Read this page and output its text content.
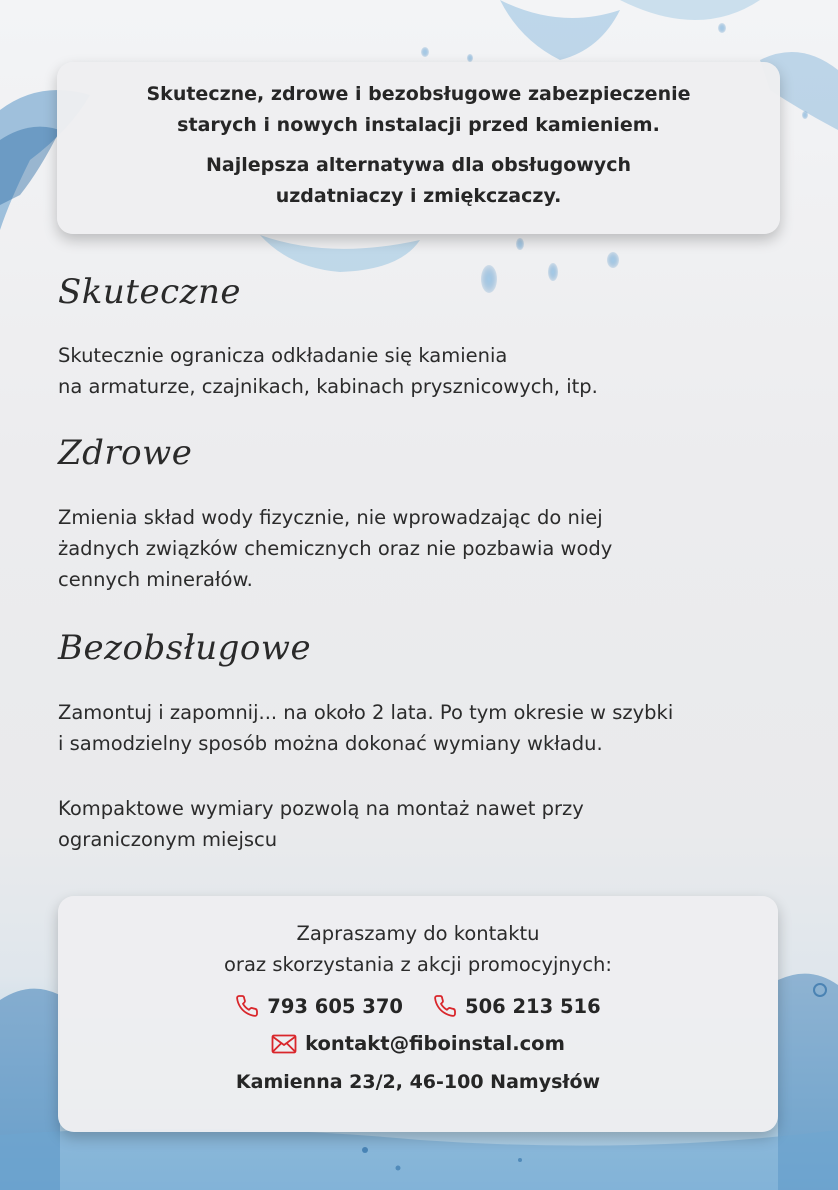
Skuteczne, zdrowe i bezobsługowe zabezpieczenie
starych i nowych instalacji przed kamieniem.

Najlepsza alternatywa dla obsługowych
uzdatniaczy i zmiękczaczy.

Skuteczne
Skutecznie ogranicza odkładanie się kamienia
na armaturze, czajnikach, kabinach prysznicowych, itp.
Zdrowe
Zmienia skład wody fizycznie, nie wprowadzając do niej
żadnych związków chemicznych oraz nie pozbawia wody
cennych minerałów.
Bezobsługowe
Zamontuj i zapomnij... na około 2 lata. Po tym okresie w szybki
i samodzielny sposób można dokonać wymiany wkładu.
Kompaktowe wymiary pozwolą na montaż nawet przy
ograniczonym miejscu
Zapraszamy do kontaktu
oraz skorzystania z akcji promocyjnych:
793 605 370	506 213 516
kontakt@fiboinstal.com
Kamienna 23/2, 46-100 Namysłów
